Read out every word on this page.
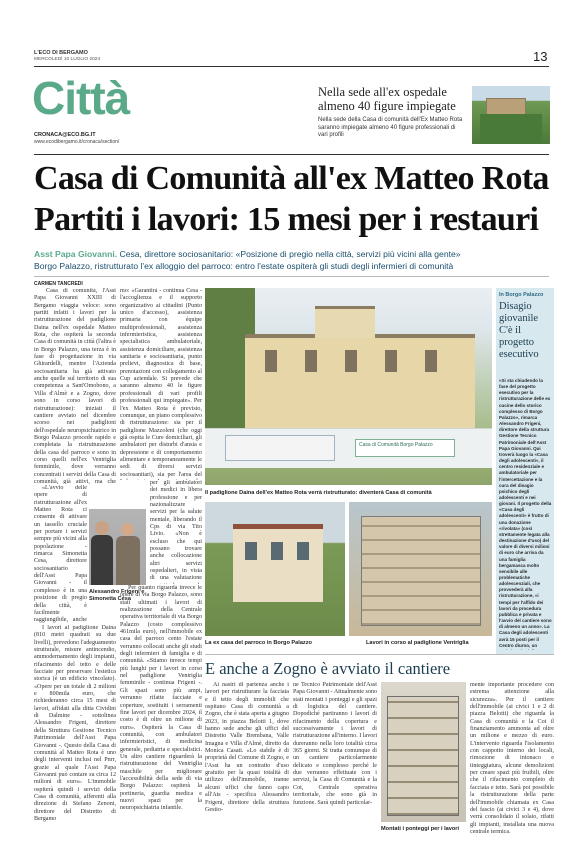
L'ECO DI BERGAMO
MERCOLEDÌ 10 LUGLIO 2024	13
Città
CRONACA@ECO.BG.IT
www.ecodibergamo.it/cronaca/section/
Nella sede all'ex ospedale almeno 40 figure impiegate
Nella sede della Casa di comunità dell'Ex Matteo Rota saranno impiegate almeno 40 figure professionali di vari profili
Casa di Comunità all'ex Matteo Rota
Partiti i lavori: 15 mesi per i restauri
Asst Papa Giovanni. Cesa, direttore sociosanitario: «Posizione di pregio nella città, servizi più vicini alla gente»
Borgo Palazzo, ristrutturato l'ex alloggio del parroco: entro l'estate ospiterà gli studi degli infermieri di comunità
CARMEN TANCREDI
Casa di comunità, l'Asst Papa Giovanni XXIII di Bergamo viaggia veloce: sono partiti infatti i lavori per la ristrutturazione del padiglione Daina nell'ex ospedale Matteo Rota, che ospiterà la seconda Casa di comunità in città (l'altra è in Borgo Palazzo, una terza è in fase di progettazione in via Ghirardelli, mentre l'Azienda sociosanitaria ha già attivato anche quelle sul territorio di sua competenza a Sant'Omobono, a Villa d'Almè e a Zogno, dove sono in corso lavori di ristrutturazione): iniziati il cantiere avviato nel dicembre scorso nei padiglioni dell'ospedale neuropsichiatrico in Borgo Palazzo procede rapido e completata la ristrutturazione della casa del parroco e sono in corso quelli nell'ex Ventriglia femminile, dove verranno concentrati i servizi della Casa di comunità, già attivi, ma che
«L'avvio delle opere di ristrutturazione all'ex Matteo Rota ci consente di attivare un tassello cruciale per portare i servizi sempre più vicini alla popolazione - rimarca Simonetta Cesa, direttore sociosanitario dell'Asst Papa Giovanni - il complesso è in una posizione di pregio della città, è facilmente raggiungibile, anche
I lavori al padiglione Daina (810 metri quadrati su due livelli), prevedono l'adeguamento strutturale, misure antincendio, ammodernamento degli impianti, rifacimento del tetto e delle facciate per preservare l'estetica storica (è un edificio vincolato). «Opere per un totale di 2 milioni e 800mila euro, che richiederanno circa 15 mesi di lavori, affidati alla ditta Cividini di Dalmine - sottolinea Alessandro Frigeni, direttore della Struttura Gestione Tecnico Patrimoniale dell'Asst Papa Giovanni -. Questo della Casa di comunità al Matteo Rota è uno degli interventi inclusi nel Pnrr, grazie al quale l'Asst Papa Giovanni può contare su circa 12 milioni di euro». L'immobile ospiterà quindi i servizi della Casa di comunità, afferenti alla direzione di Stefano Zenoni, direttore del Distretto di Bergamo
Alessandro Frigeni e Simonetta Cesa
mo: «Garantirà - continua Cesa - l'accoglienza e il supporto organizzativo ai cittadini (Punto unico d'accesso), assistenza primaria con équipe multiprofessionali, assistenza infermieristica, assistenza specialistica ambulatoriale, assistenza domiciliare, assistenza sanitaria e sociosanitaria, punto prelievi, diagnostica di base, prenotazioni con collegamento al Cup aziendale. Si prevede che saranno almeno 40 le figure professionali di vari profili professionali qui impiegate». Per l'ex Matteo Rota è previsto, comunque, un piano complessivo di ristrutturazione: sia per il padiglione Mazzoleni (che oggi già ospita le Cure domiciliari, gli ambulatori per disturbi d'ansia e depressione e di comportamento alimentare e temporaneamente le sedi di diversi servizi sociosanitari), sia per l'area del
per gli ambulatori dei medici in libera professione e per nazionalizzare servizi per la salute mentale, liberando il Cps di via Tito Livio. «Non è escluso che qui possano trovare anche collocazione altri servizi ospedalieri, in vista di una valutazione
Per quanto riguarda invece le opere di via Borgo Palazzo, sono stati ultimati i lavori di realizzazione della Centrale operativa territoriale di via Borgo Palazzo (costo complessivo 461mila euro), nell'immobile ex casa del parroco cento l'estate verranno collocati anche gli studi degli infermieri di famiglia e di comunità. «Stiamo invece tempi più lunghi per i lavori in corso nel padiglione Ventriglia femminile - continua Frigeni -. Gli spazi sono più ampi, verranno rifatte facciate e coperture, sostituiti i serramenti fine lavori per dicembre 2024, il costo è di oltre un milione di euro». Ospiterà la Casa di comunità, con ambulatori infermieristici, di medicina generale, pediatria e specialistici. Un altro cantiere riguarderà la ristrutturazione del Ventriglia maschile per migliorare l'accessibilità della sede di via Borgo Palazzo: ospiterà la portineria, guardia medica e nuovi spazi per la neuropsichiatria infantile.
Casa di Comunità Borgo Palazzo
Il padiglione Daina dell'ex Matteo Rota verrà ristrutturato: diventerà Casa di comunità
La ex casa del parroco in Borgo Palazzo	Lavori in corso al padiglione Ventriglia
In Borgo Palazzo
Disagio giovanile C'è il progetto esecutivo
«Si sta chiudendo la fase del progetto esecutivo per la ristrutturazione delle ex cucine dello storico complesso di Borgo Palazzo», rimarca Alessandro Frigeni, direttore della struttura Gestione Tecnico Patrimoniale dell'Asst Papa Giovanni. Qui troverà luogo la «Casa degli adolescenti», il centro residenziale e ambulatoriale per l'intercettazione e la cura del disagio psichico degli adolescenti e nei giovani. Il progetto della «Casa degli adolescenti» è frutto di una donazione «rivolata» (così strettamente legata alla destinazione d'uso) del valore di diversi milioni di euro che arriva da una famiglia bergamasca molto sensibile alle problematiche adolescenziali, che provvederà alla ristrutturazione, «i tempi per l'affido dei lavori da procedura pubblica e privata e l'avvio del cantiere sono di almeno un anno». La Casa degli adolescenti avrà 15 posti per il Centro diurno, un
E anche a Zogno è avviato il cantiere
Ai nastri di partenza anche i lavori per ristrutturare la facciata e il tetto degli immobili che ospitano Casa di comunità a Zogno, che è stata aperta a giugno 2023, in piazza Belotti 1, dove hanno sede anche gli uffici del Distretto Valle Brembana, Valle Imagna e Villa d'Almè, diretto da Monica Casati. «Lo stabile è di proprietà del Comune di Zogno, e l'Asst ha un contratto d'uso gratuito per la quasi totalità di utilizzo dell'immobile, tranne alcuni uffici che fanno capo all'Ats - specifica Alessandro Frigeni, direttore della struttura Gestio-
ne Tecnico Patrimoniale dell'Asst Papa Giovanni - Attualmente sono stati montati i ponteggi e gli spazi di logistica del cantiere. Dopodiché partiranno i lavori di rifacimento della copertura e successivamente i lavori di ristrutturazione all'interno. I lavori dureranno nella loro totalità circa 365 giorni. Si tratta comunque di un cantiere particolarmente delicato e complesso perché le due verranno effettuate con i servizi, la Casa di Comunità e la Cot, Centrale operativa territoriale, che sono già in funzione. Sarà quindi particolar-
Montati i ponteggi per i lavori
mente importante procedere con estrema attenzione alla sicurezza». Per il cantiere dell'immobile (ai civici 1 e 2 di piazza Belotti) che riguarda la Casa di comunità e la Cot il finanziamento ammonta ad oltre un milione e mezzo di euro. L'intervento riguarda l'isolamento con cappotto interno dei locali, rimozione di intonaco e tinteggiatura, alcune demolizioni per creare spazi più fruibili, oltre che il rifacimento completo di facciata e tetto. Sarà poi possibile la ristrutturazione della parte dell'immobile chiamata ex Casa del fascio (ai civici 3 e 4), dove verrà consolidato il solaio, rifatti gli impianti, installata una nuova centrale termica.
